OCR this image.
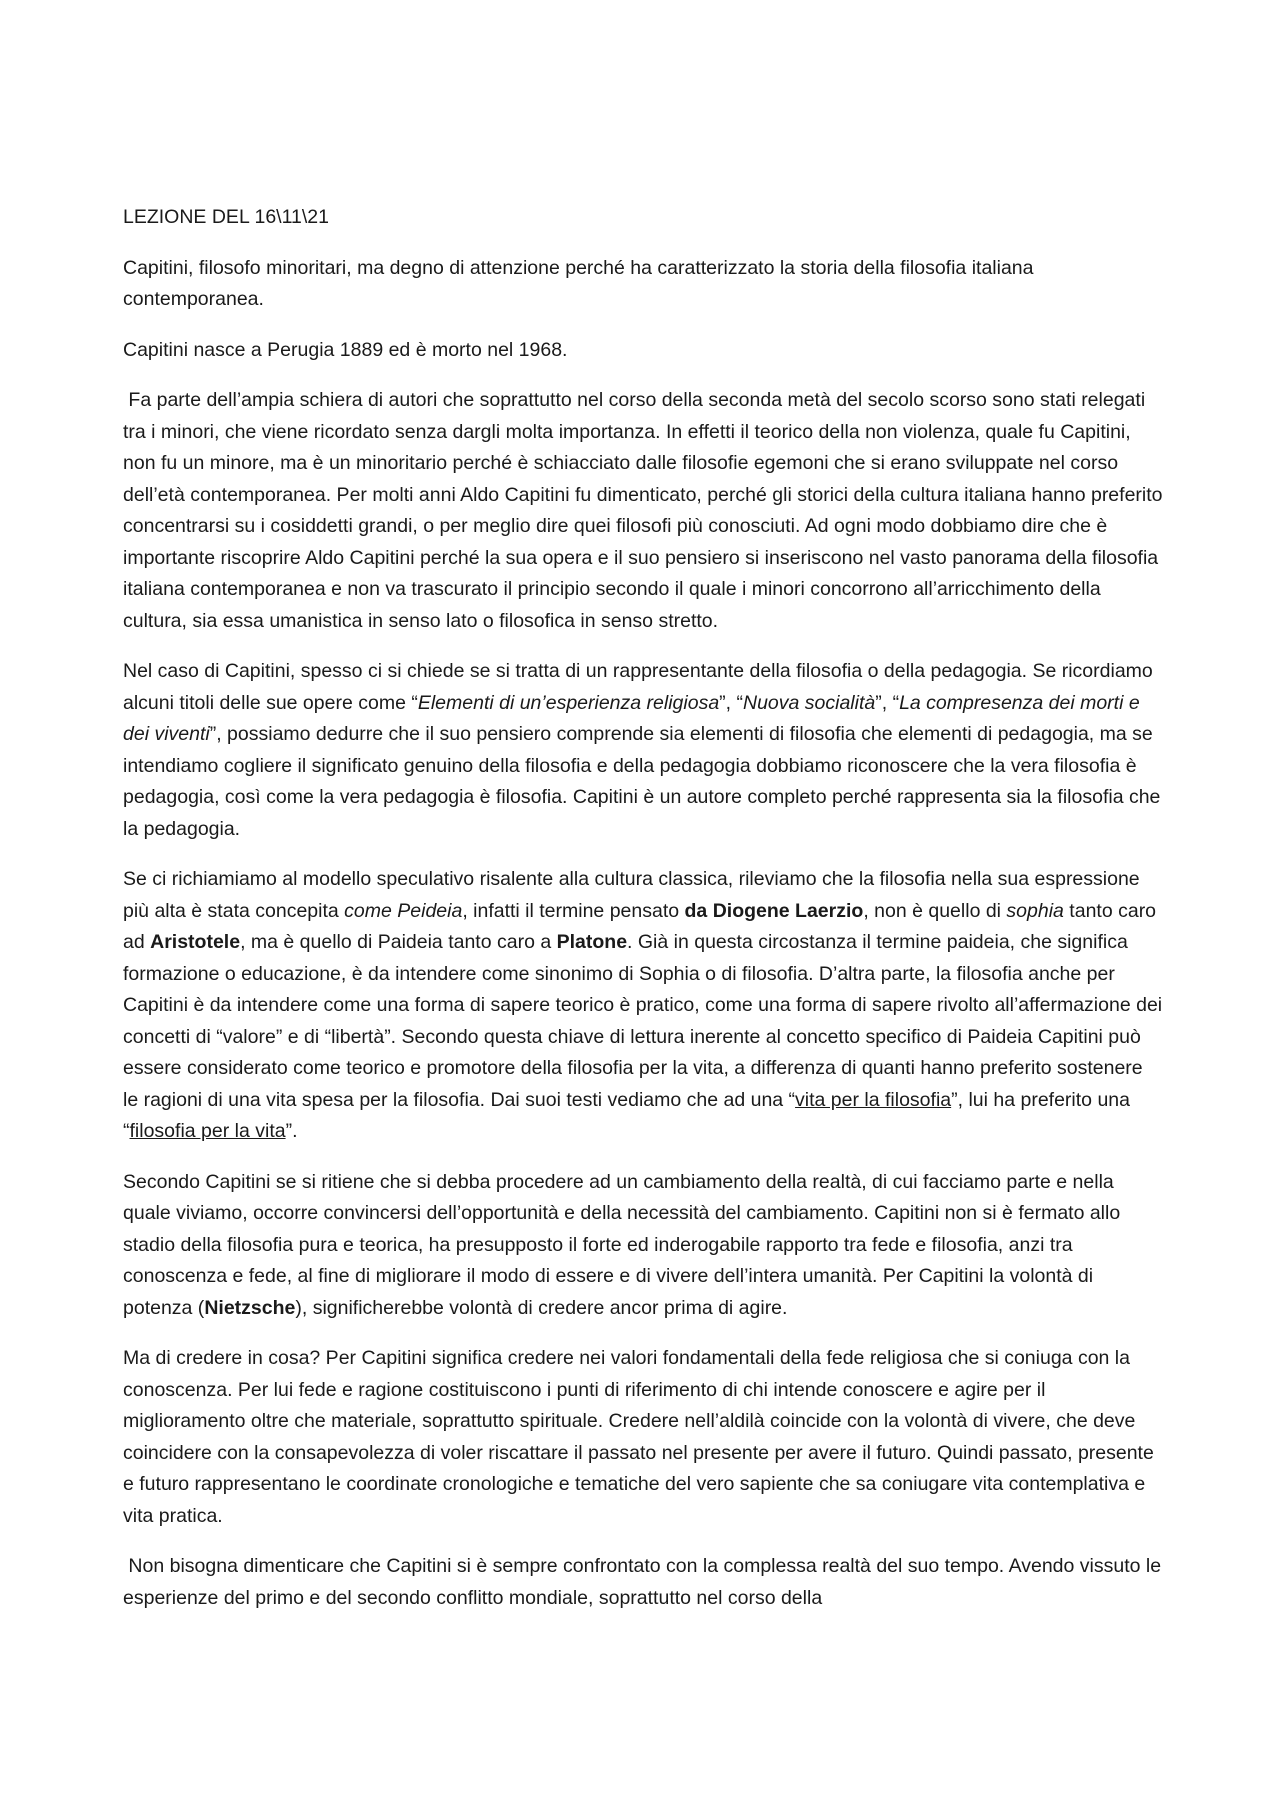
LEZIONE DEL 16\11\21

Capitini, filosofo minoritari, ma degno di attenzione perché ha caratterizzato la storia della filosofia italiana contemporanea.

Capitini nasce a Perugia 1889 ed è morto nel 1968.

Fa parte dell’ampia schiera di autori che soprattutto nel corso della seconda metà del secolo scorso sono stati relegati tra i minori, che viene ricordato senza dargli molta importanza. In effetti il teorico della non violenza, quale fu Capitini, non fu un minore, ma è un minoritario perché è schiacciato dalle filosofie egemoni che si erano sviluppate nel corso dell’età contemporanea. Per molti anni Aldo Capitini fu dimenticato, perché gli storici della cultura italiana hanno preferito concentrarsi su i cosiddetti grandi, o per meglio dire quei filosofi più conosciuti. Ad ogni modo dobbiamo dire che è importante riscoprire Aldo Capitini perché la sua opera e il suo pensiero si inseriscono nel vasto panorama della filosofia italiana contemporanea e non va trascurato il principio secondo il quale i minori concorrono all’arricchimento della cultura, sia essa umanistica in senso lato o filosofica in senso stretto.

Nel caso di Capitini, spesso ci si chiede se si tratta di un rappresentante della filosofia o della pedagogia. Se ricordiamo alcuni titoli delle sue opere come “Elementi di un’esperienza religiosa”, “Nuova socialità”, “La compresenza dei morti e dei viventi”, possiamo dedurre che il suo pensiero comprende sia elementi di filosofia che elementi di pedagogia, ma se intendiamo cogliere il significato genuino della filosofia e della pedagogia dobbiamo riconoscere che la vera filosofia è pedagogia, così come la vera pedagogia è filosofia. Capitini è un autore completo perché rappresenta sia la filosofia che la pedagogia.

Se ci richiamiamo al modello speculativo risalente alla cultura classica, rileviamo che la filosofia nella sua espressione più alta è stata concepita come Peideia, infatti il termine pensato da Diogene Laerzio, non è quello di sophia tanto caro ad Aristotele, ma è quello di Paideia tanto caro a Platone. Già in questa circostanza il termine paideia, che significa formazione o educazione, è da intendere come sinonimo di Sophia o di filosofia. D’altra parte, la filosofia anche per Capitini è da intendere come una forma di sapere teorico è pratico, come una forma di sapere rivolto all’affermazione dei concetti di “valore” e di “libertà”. Secondo questa chiave di lettura inerente al concetto specifico di Paideia Capitini può essere considerato come teorico e promotore della filosofia per la vita, a differenza di quanti hanno preferito sostenere le ragioni di una vita spesa per la filosofia. Dai suoi testi vediamo che ad una “vita per la filosofia”, lui ha preferito una “filosofia per la vita”.

Secondo Capitini se si ritiene che si debba procedere ad un cambiamento della realtà, di cui facciamo parte e nella quale viviamo, occorre convincersi dell’opportunità e della necessità del cambiamento. Capitini non si è fermato allo stadio della filosofia pura e teorica, ha presupposto il forte ed inderogabile rapporto tra fede e filosofia, anzi tra conoscenza e fede, al fine di migliorare il modo di essere e di vivere dell’intera umanità. Per Capitini la volontà di potenza (Nietzsche), significherebbe volontà di credere ancor prima di agire.

Ma di credere in cosa? Per Capitini significa credere nei valori fondamentali della fede religiosa che si coniuga con la conoscenza. Per lui fede e ragione costituiscono i punti di riferimento di chi intende conoscere e agire per il miglioramento oltre che materiale, soprattutto spirituale. Credere nell’aldilà coincide con la volontà di vivere, che deve coincidere con la consapevolezza di voler riscattare il passato nel presente per avere il futuro. Quindi passato, presente e futuro rappresentano le coordinate cronologiche e tematiche del vero sapiente che sa coniugare vita contemplativa e vita pratica.

Non bisogna dimenticare che Capitini si è sempre confrontato con la complessa realtà del suo tempo. Avendo vissuto le esperienze del primo e del secondo conflitto mondiale, soprattutto nel corso della
